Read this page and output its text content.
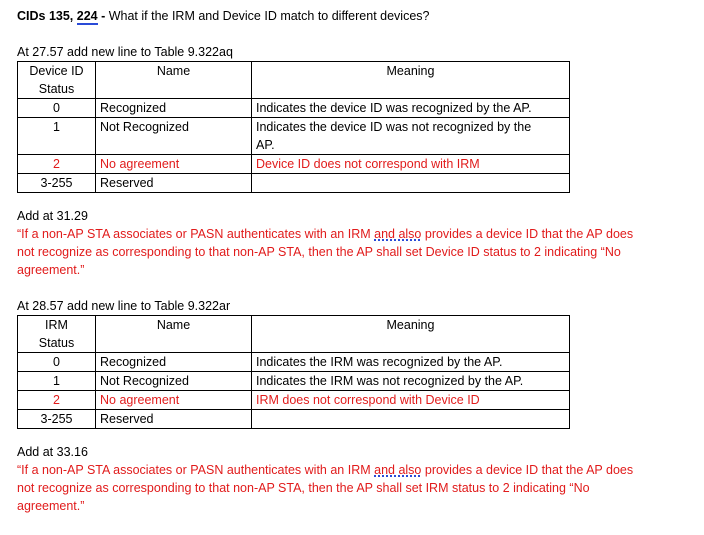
CIDs 135, 224 - What if the IRM and Device ID match to different devices?
At 27.57 add new line to Table 9.322aq
Device ID
Status	Name	Meaning
0	Recognized	Indicates the device ID was recognized by the AP.
1	Not Recognized	Indicates the device ID was not recognized by the
AP.
2	No agreement	Device ID does not correspond with IRM
3-255	Reserved	
Add at 31.29
“If a non-AP STA associates or PASN authenticates with an IRM and also provides a device ID that the AP does
not recognize as corresponding to that non-AP STA, then the AP shall set Device ID status to 2 indicating “No
agreement.”
At 28.57 add new line to Table 9.322ar
IRM
Status	Name	Meaning
0	Recognized	Indicates the IRM was recognized by the AP.
1	Not Recognized	Indicates the IRM was not recognized by the AP.
2	No agreement	IRM does not correspond with Device ID
3-255	Reserved	
Add at 33.16
“If a non-AP STA associates or PASN authenticates with an IRM and also provides a device ID that the AP does
not recognize as corresponding to that non-AP STA, then the AP shall set IRM status to 2 indicating “No
agreement.”
